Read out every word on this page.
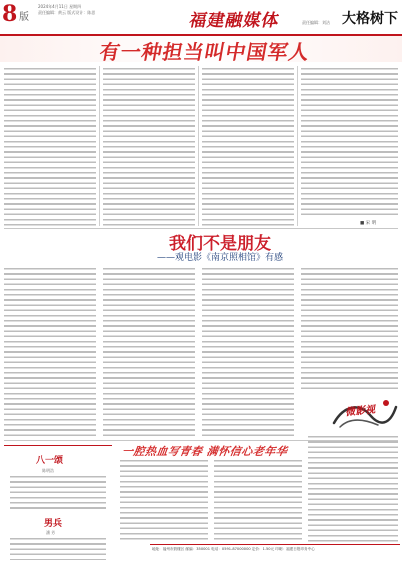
8 版
2024年4月11日 星期四
责任编辑：黄云 版式设计：陈思	福建融媒体	责任编辑：刘洁 大格树下
有一种担当叫中国军人
■ 宋 明
我们不是朋友
——观电影《南京照相馆》有感
微影视
八一颂
陈明浩
男兵
潘 芳
一腔热血写青春 满怀信心老年华
地址：福州市鼓楼区 邮编：350001 电话：0591-87000000 定价：1.50元 印刷：福建日报印务中心
